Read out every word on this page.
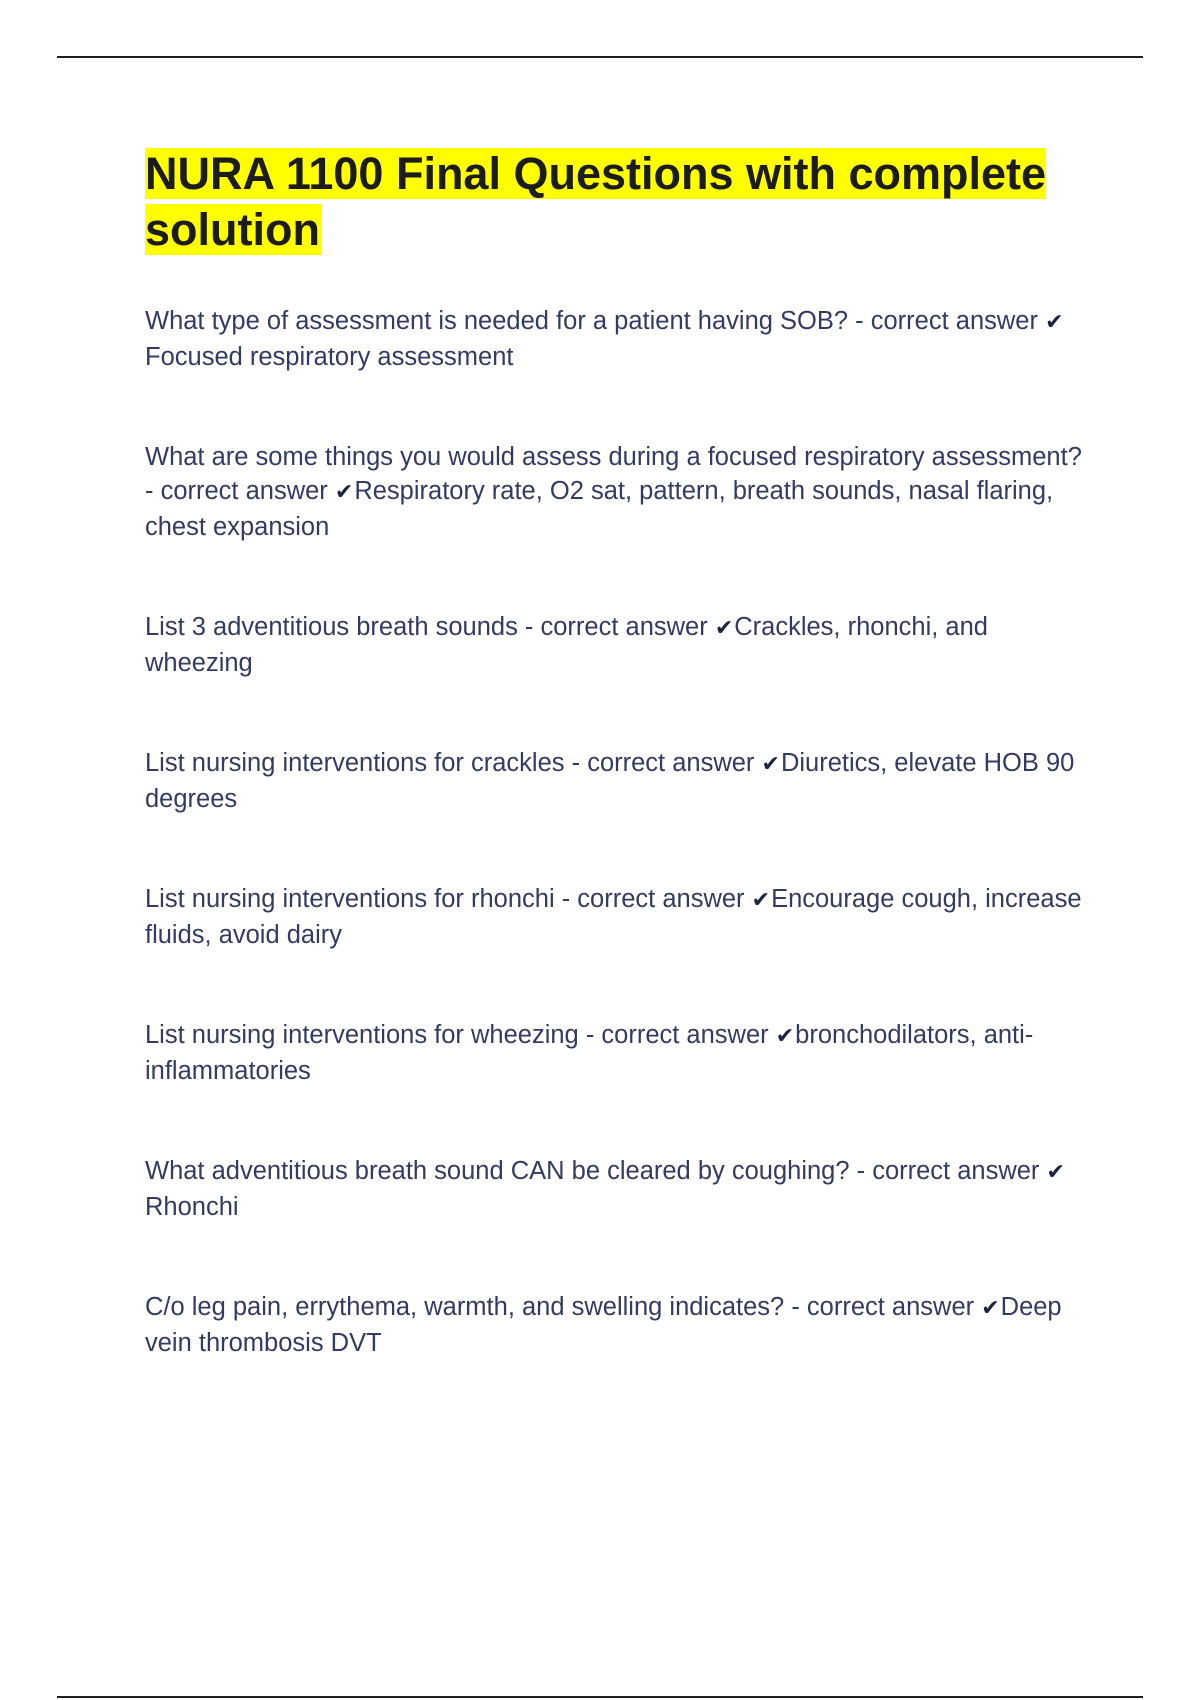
NURA 1100 Final Questions with complete solution
What type of assessment is needed for a patient having SOB? - correct answer ✔Focused respiratory assessment
What are some things you would assess during a focused respiratory assessment? - correct answer ✔Respiratory rate, O2 sat, pattern, breath sounds, nasal flaring, chest expansion
List 3 adventitious breath sounds - correct answer ✔Crackles, rhonchi, and wheezing
List nursing interventions for crackles - correct answer ✔Diuretics, elevate HOB 90 degrees
List nursing interventions for rhonchi - correct answer ✔Encourage cough, increase fluids, avoid dairy
List nursing interventions for wheezing - correct answer ✔bronchodilators, anti-inflammatories
What adventitious breath sound CAN be cleared by coughing? - correct answer ✔Rhonchi
C/o leg pain, errythema, warmth, and swelling indicates? - correct answer ✔Deep vein thrombosis DVT
